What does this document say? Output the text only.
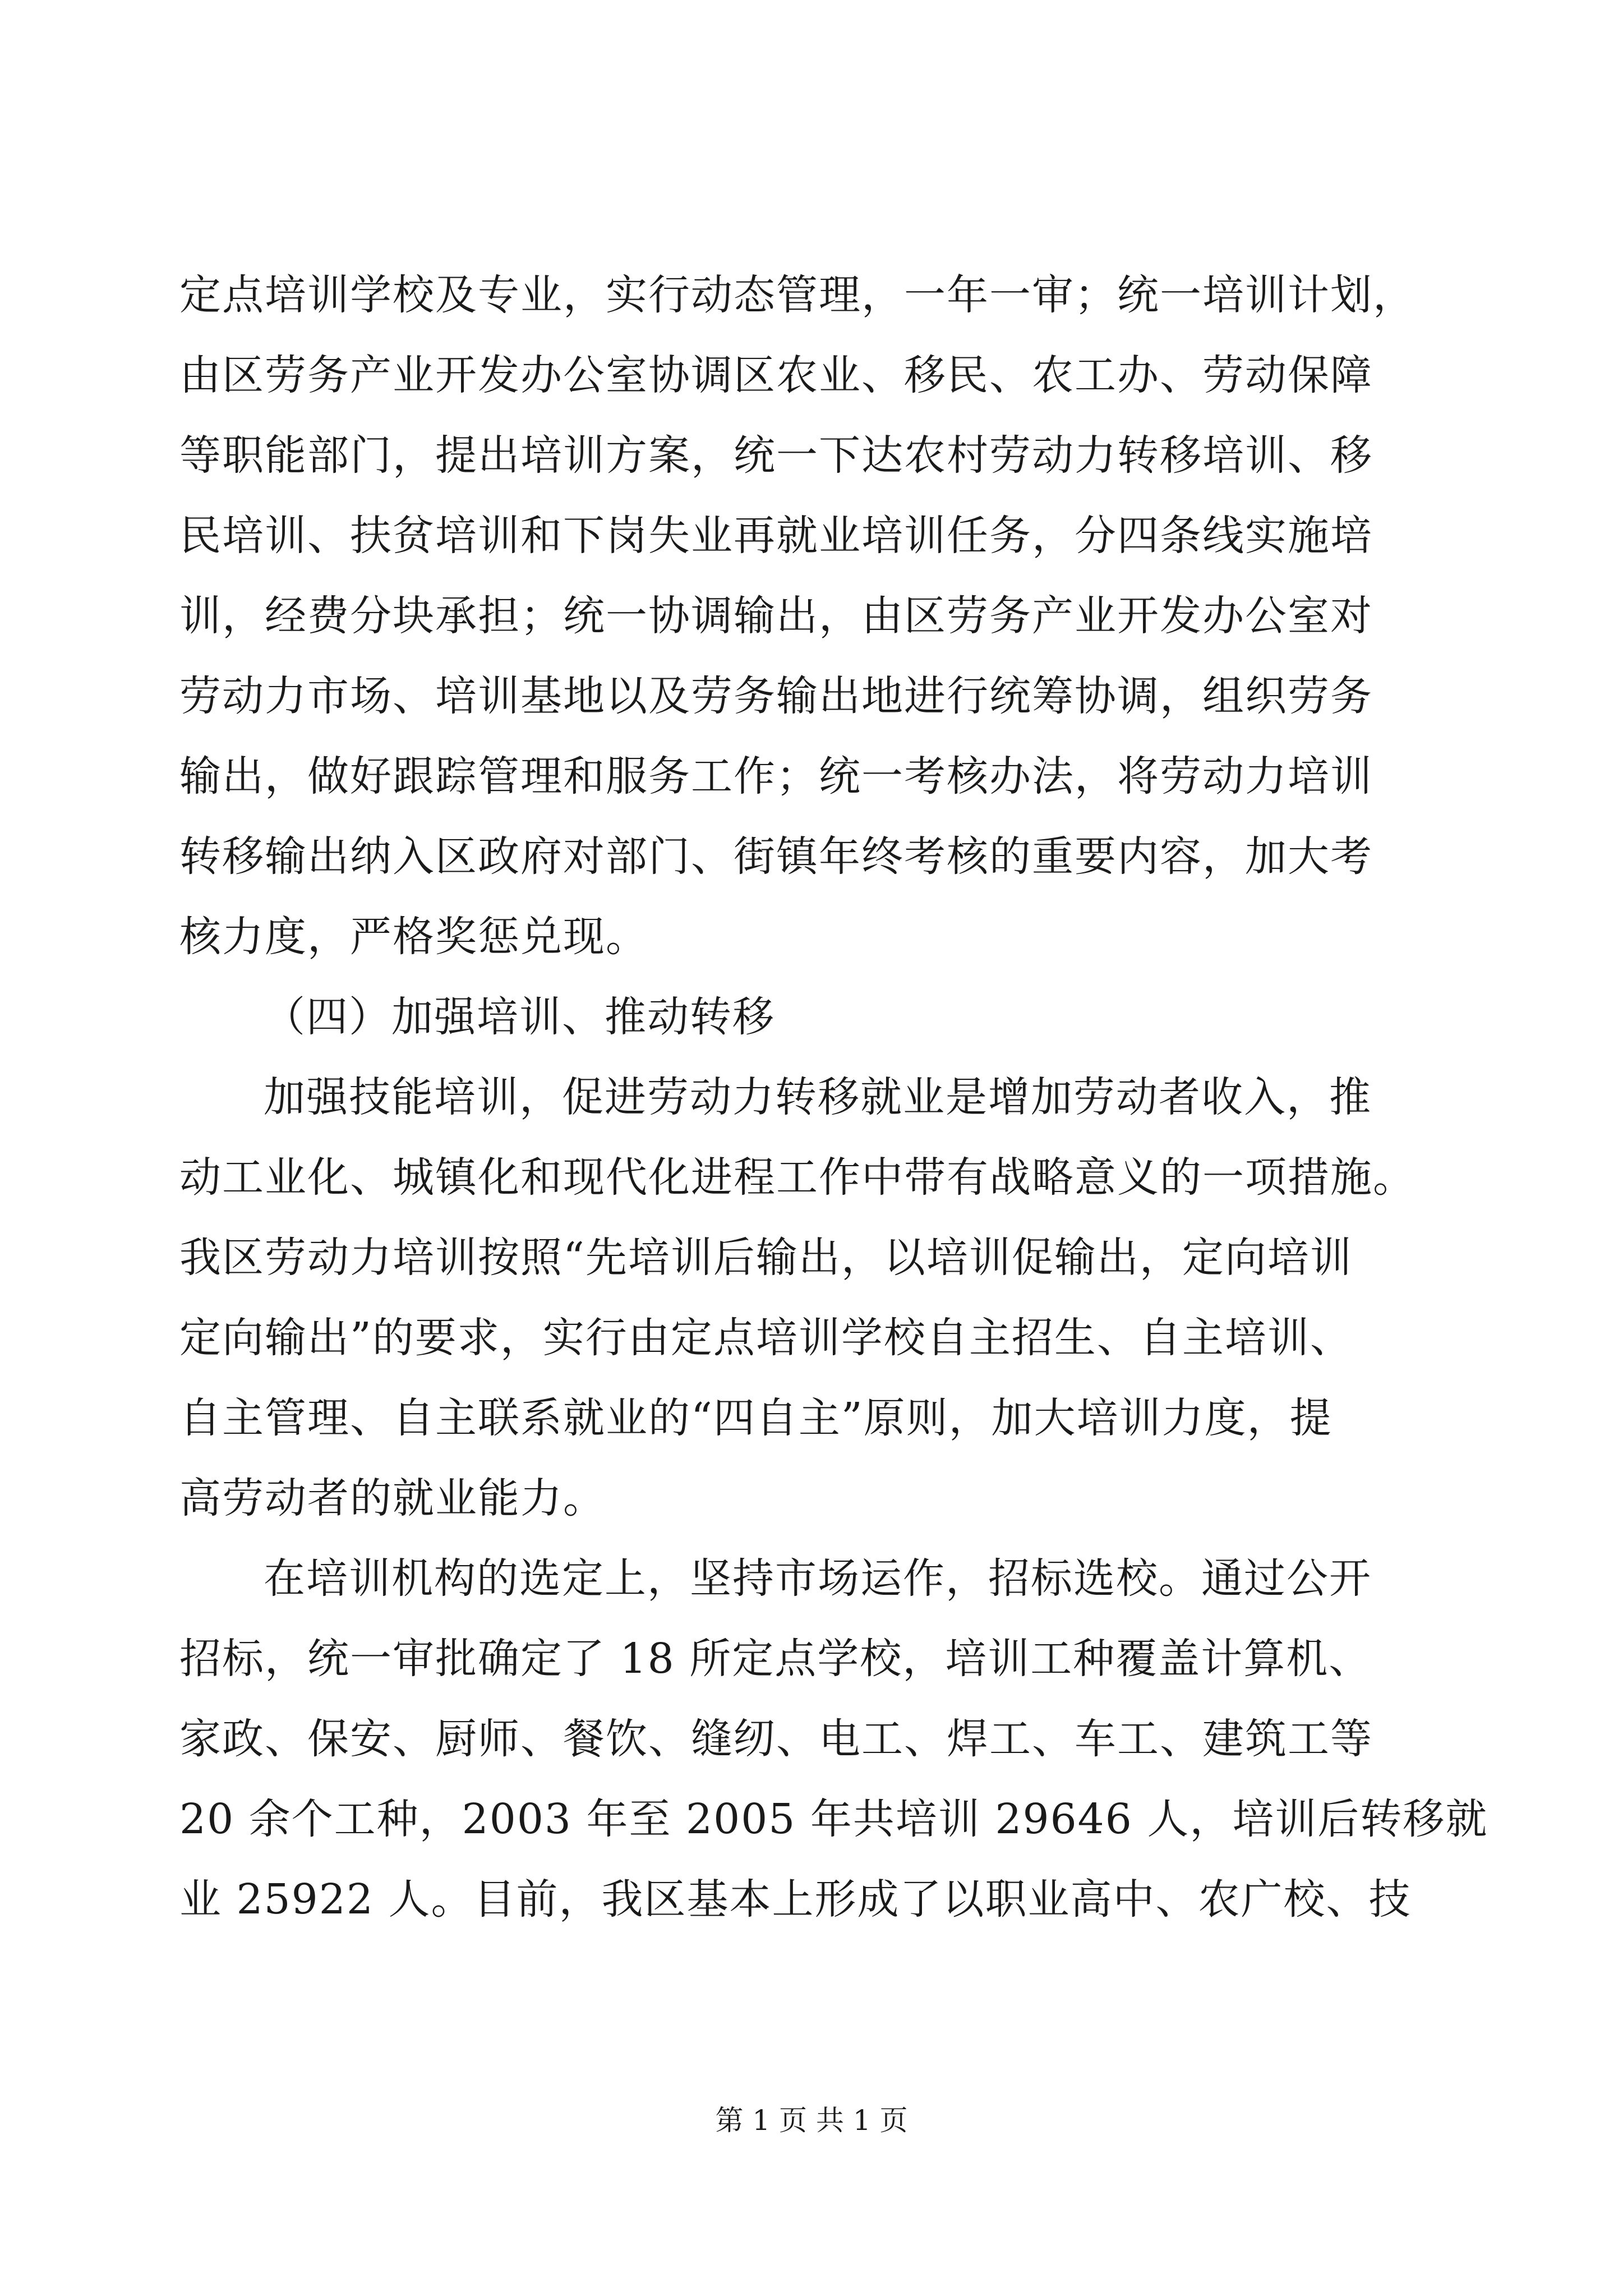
定点培训学校及专业，实行动态管理，一年一审；统一培训计划，
由区劳务产业开发办公室协调区农业、移民、农工办、劳动保障
等职能部门，提出培训方案，统一下达农村劳动力转移培训、移
民培训、扶贫培训和下岗失业再就业培训任务，分四条线实施培
训，经费分块承担；统一协调输出，由区劳务产业开发办公室对
劳动力市场、培训基地以及劳务输出地进行统筹协调，组织劳务
输出，做好跟踪管理和服务工作；统一考核办法，将劳动力培训
转移输出纳入区政府对部门、街镇年终考核的重要内容，加大考
核力度，严格奖惩兑现。
（四）加强培训、推动转移
加强技能培训，促进劳动力转移就业是增加劳动者收入，推
动工业化、城镇化和现代化进程工作中带有战略意义的一项措施。
我区劳动力培训按照“先培训后输出，以培训促输出，定向培训
定向输出”的要求，实行由定点培训学校自主招生、自主培训、
自主管理、自主联系就业的“四自主”原则，加大培训力度，提
高劳动者的就业能力。
在培训机构的选定上，坚持市场运作，招标选校。通过公开
招标，统一审批确定了 18 所定点学校，培训工种覆盖计算机、
家政、保安、厨师、餐饮、缝纫、电工、焊工、车工、建筑工等
20 余个工种，2003 年至 2005 年共培训 29646 人，培训后转移就
业 25922 人。目前，我区基本上形成了以职业高中、农广校、技
第 1 页 共 1 页
